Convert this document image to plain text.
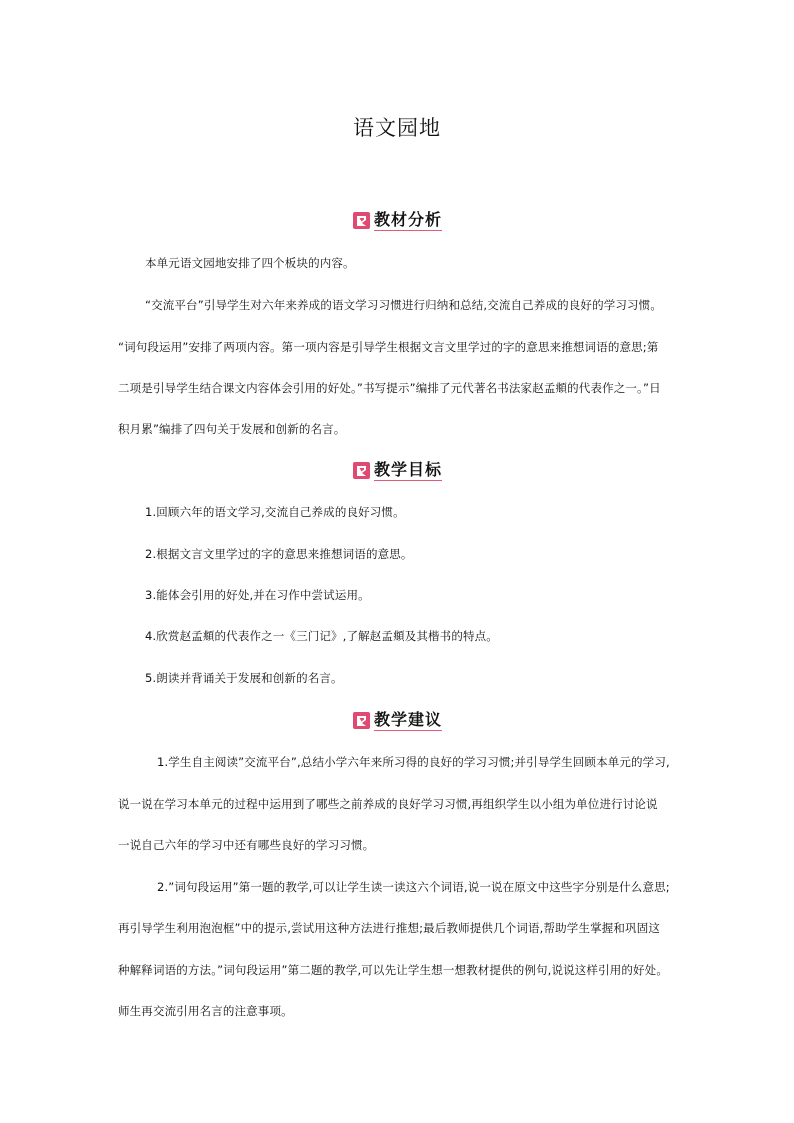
语文园地
教材分析
本单元语文园地安排了四个板块的内容。
“交流平台”引导学生对六年来养成的语文学习习惯进行归纳和总结,交流自己养成的良好的学习习惯。
“词句段运用”安排了两项内容。第一项内容是引导学生根据文言文里学过的字的意思来推想词语的意思;第
二项是引导学生结合课文内容体会引用的好处。”书写提示”编排了元代著名书法家赵孟頫的代表作之一。”日
积月累”编排了四句关于发展和创新的名言。
教学目标
1.回顾六年的语文学习,交流自己养成的良好习惯。
2.根据文言文里学过的字的意思来推想词语的意思。
3.能体会引用的好处,并在习作中尝试运用。
4.欣赏赵孟頫的代表作之一《三门记》,了解赵孟頫及其楷书的特点。
5.朗读并背诵关于发展和创新的名言。
教学建议
1.学生自主阅读”交流平台”,总结小学六年来所习得的良好的学习习惯;并引导学生回顾本单元的学习,
说一说在学习本单元的过程中运用到了哪些之前养成的良好学习习惯,再组织学生以小组为单位进行讨论说
一说自己六年的学习中还有哪些良好的学习习惯。
2.”词句段运用”第一题的教学,可以让学生读一读这六个词语,说一说在原文中这些字分别是什么意思;
再引导学生利用泡泡框”中的提示,尝试用这种方法进行推想;最后教师提供几个词语,帮助学生掌握和巩固这
种解释词语的方法。”词句段运用”第二题的教学,可以先让学生想一想教材提供的例句,说说这样引用的好处。
师生再交流引用名言的注意事项。
